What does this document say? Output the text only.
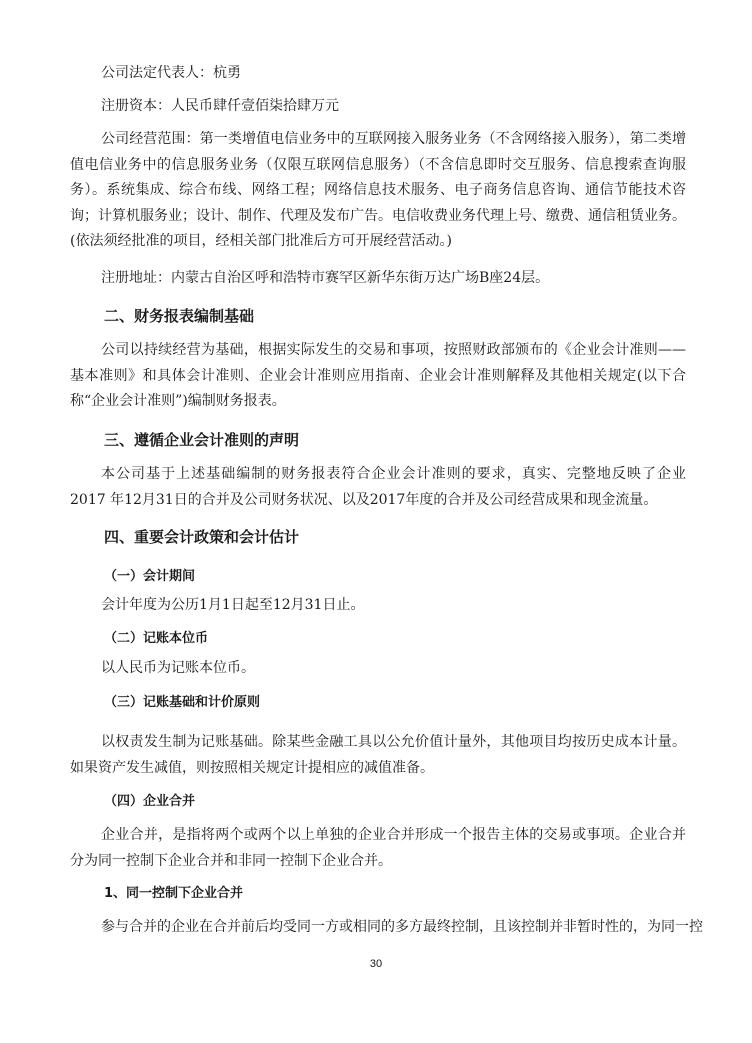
公司法定代表人：杭勇

注册资本：人民币肆仟壹佰柒拾肆万元

公司经营范围：第一类增值电信业务中的互联网接入服务业务（不含网络接入服务），第二类增值电信业务中的信息服务业务（仅限互联网信息服务）（不含信息即时交互服务、信息搜索查询服务）。系统集成、综合布线、网络工程；网络信息技术服务、电子商务信息咨询、通信节能技术咨询；计算机服务业；设计、制作、代理及发布广告。电信收费业务代理上号、缴费、通信租赁业务。(依法须经批准的项目，经相关部门批准后方可开展经营活动。)

注册地址：内蒙古自治区呼和浩特市赛罕区新华东街万达广场B座24层。

二、财务报表编制基础

公司以持续经营为基础，根据实际发生的交易和事项，按照财政部颁布的《企业会计准则——基本准则》和具体会计准则、企业会计准则应用指南、企业会计准则解释及其他相关规定(以下合称“企业会计准则”)编制财务报表。

三、遵循企业会计准则的声明

本公司基于上述基础编制的财务报表符合企业会计准则的要求，真实、完整地反映了企业 2017 年12月31日的合并及公司财务状况、以及2017年度的合并及公司经营成果和现金流量。

四、重要会计政策和会计估计
（一）会计期间

会计年度为公历1月1日起至12月31日止。

（二）记账本位币

以人民币为记账本位币。

（三）记账基础和计价原则

以权责发生制为记账基础。除某些金融工具以公允价值计量外，其他项目均按历史成本计量。如果资产发生减值，则按照相关规定计提相应的减值准备。

（四）企业合并

企业合并，是指将两个或两个以上单独的企业合并形成一个报告主体的交易或事项。企业合并分为同一控制下企业合并和非同一控制下企业合并。

1、同一控制下企业合并

参与合并的企业在合并前后均受同一方或相同的多方最终控制，且该控制并非暂时性的，为同一控

30
